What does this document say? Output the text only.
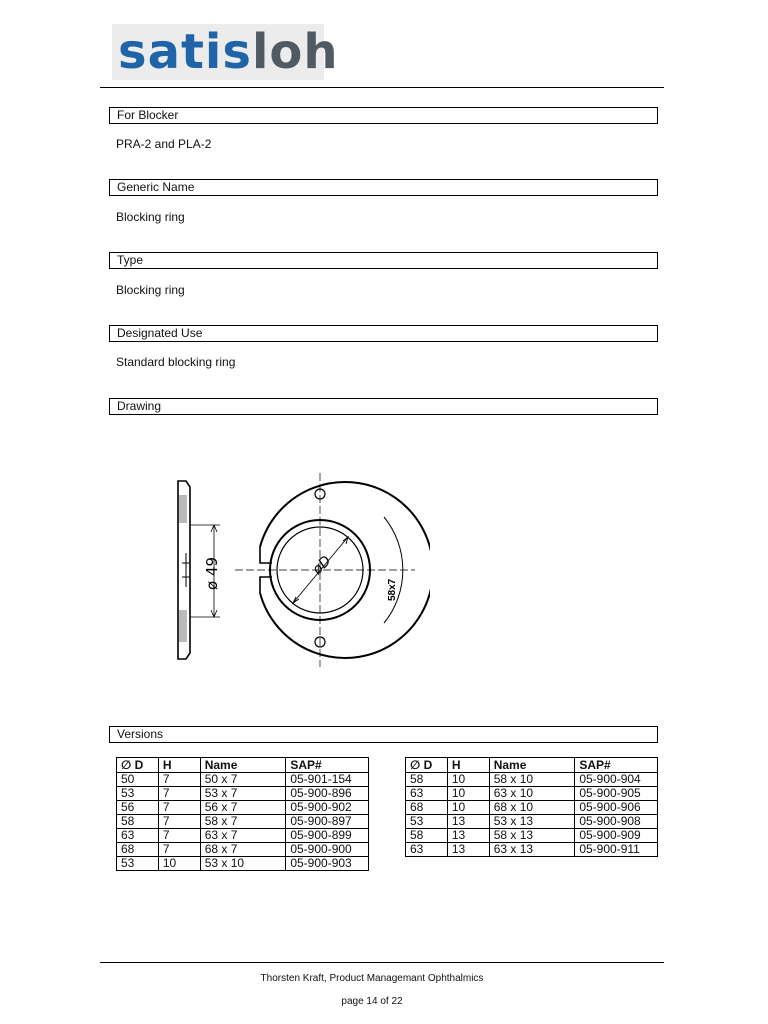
satisloh
For Blocker
PRA-2 and PLA-2
Generic Name
Blocking ring
Type
Blocking ring
Designated Use
Standard blocking ring
Drawing
ø 49	øD
58x7
Versions
∅ D	H	Name	SAP#
50	7	50 x 7	05-901-154
53	7	53 x 7	05-900-896
56	7	56 x 7	05-900-902
58	7	58 x 7	05-900-897
63	7	63 x 7	05-900-899
68	7	68 x 7	05-900-900
53	10	53 x 10	05-900-903
∅ D	H	Name	SAP#
58	10	58 x 10	05-900-904
63	10	63 x 10	05-900-905
68	10	68 x 10	05-900-906
53	13	53 x 13	05-900-908
58	13	58 x 13	05-900-909
63	13	63 x 13	05-900-911
Thorsten Kraft, Product Managemant Ophthalmics
page 14 of 22
